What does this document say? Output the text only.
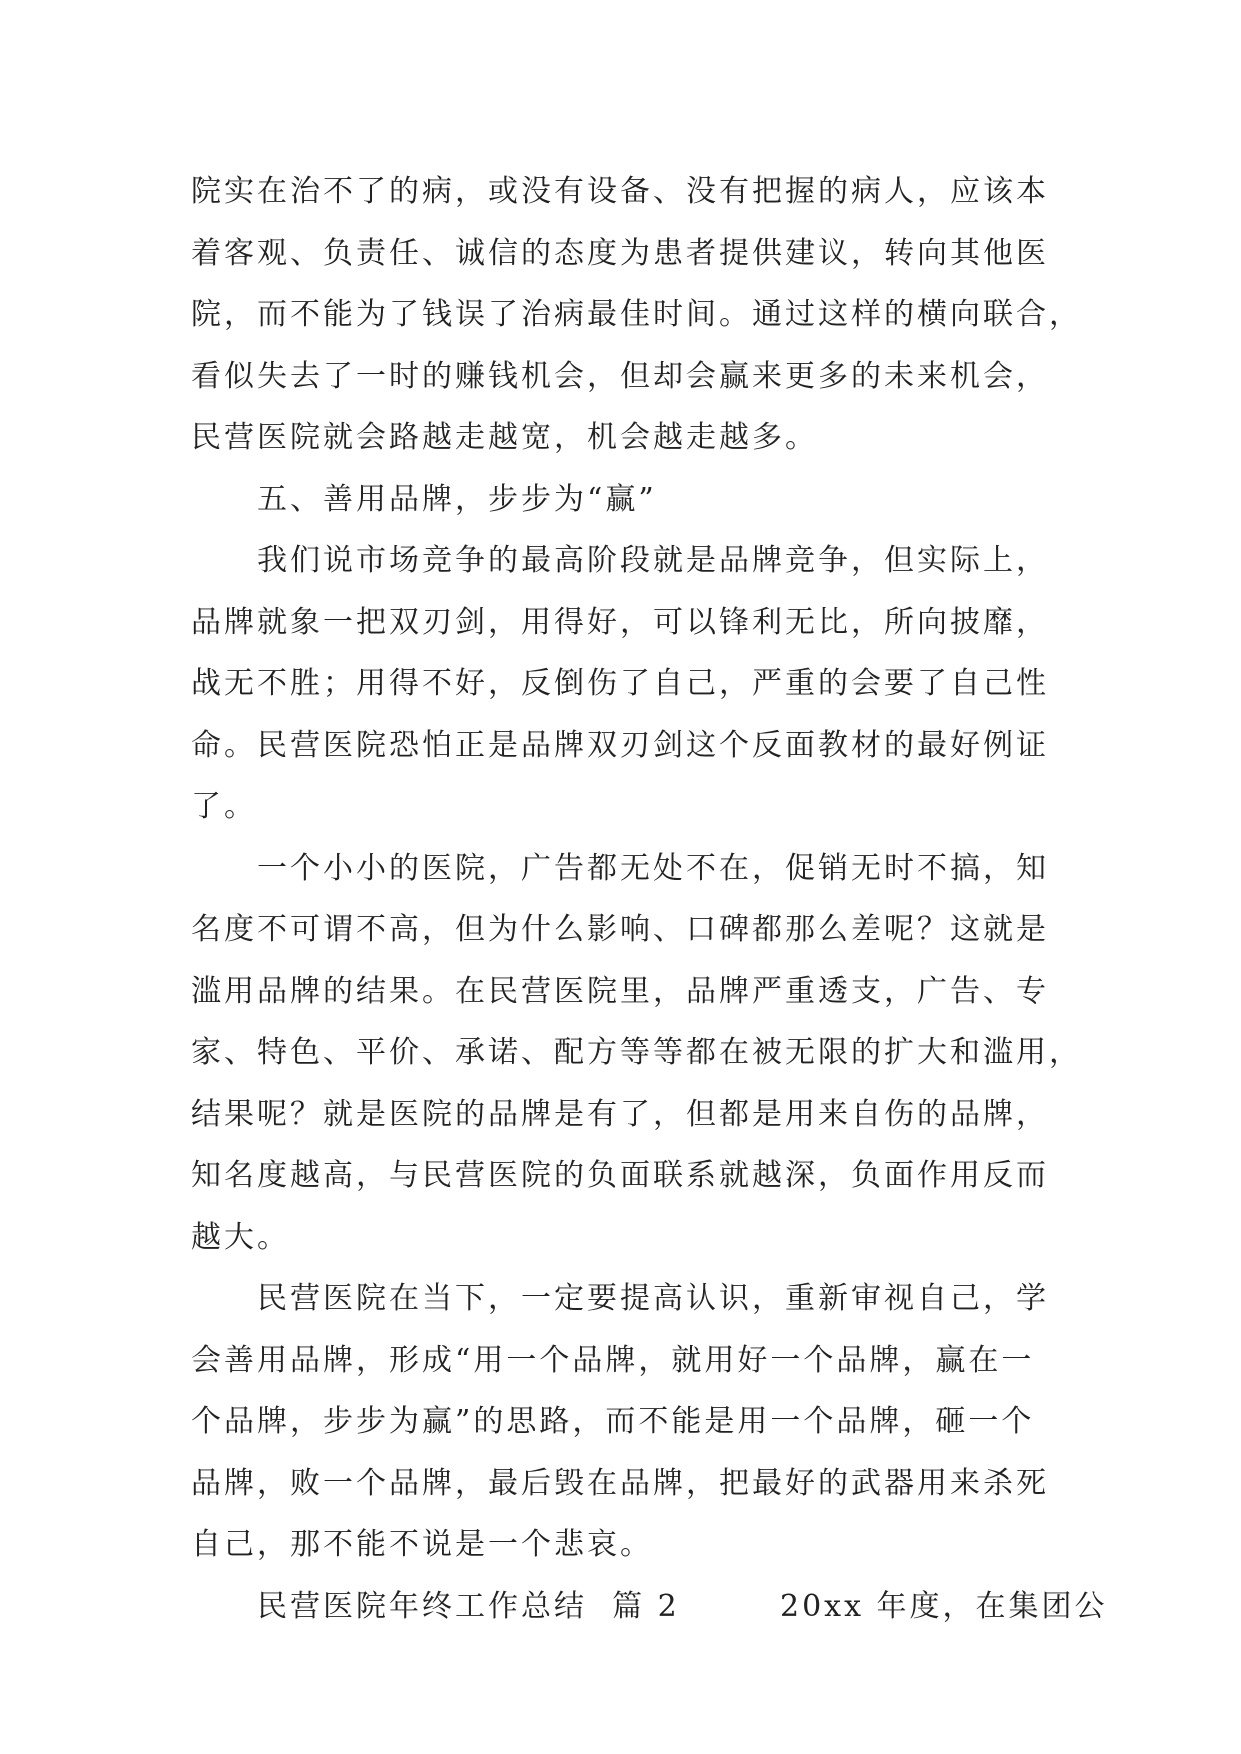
院实在治不了的病，或没有设备、没有把握的病人，应该本
着客观、负责任、诚信的态度为患者提供建议，转向其他医
院，而不能为了钱误了治病最佳时间。通过这样的横向联合，
看似失去了一时的赚钱机会，但却会赢来更多的未来机会，
民营医院就会路越走越宽，机会越走越多。
五、善用品牌，步步为“赢”
我们说市场竞争的最高阶段就是品牌竞争，但实际上，
品牌就象一把双刃剑，用得好，可以锋利无比，所向披靡，
战无不胜；用得不好，反倒伤了自己，严重的会要了自己性
命。民营医院恐怕正是品牌双刃剑这个反面教材的最好例证
了。
一个小小的医院，广告都无处不在，促销无时不搞，知
名度不可谓不高，但为什么影响、口碑都那么差呢？这就是
滥用品牌的结果。在民营医院里，品牌严重透支，广告、专
家、特色、平价、承诺、配方等等都在被无限的扩大和滥用，
结果呢？就是医院的品牌是有了，但都是用来自伤的品牌，
知名度越高，与民营医院的负面联系就越深，负面作用反而
越大。
民营医院在当下，一定要提高认识，重新审视自己，学
会善用品牌，形成“用一个品牌，就用好一个品牌，赢在一
个品牌，步步为赢”的思路，而不能是用一个品牌，砸一个
品牌，败一个品牌，最后毁在品牌，把最好的武器用来杀死
自己，那不能不说是一个悲哀。
民营医院年终工作总结  篇 2        20xx 年度，在集团公
